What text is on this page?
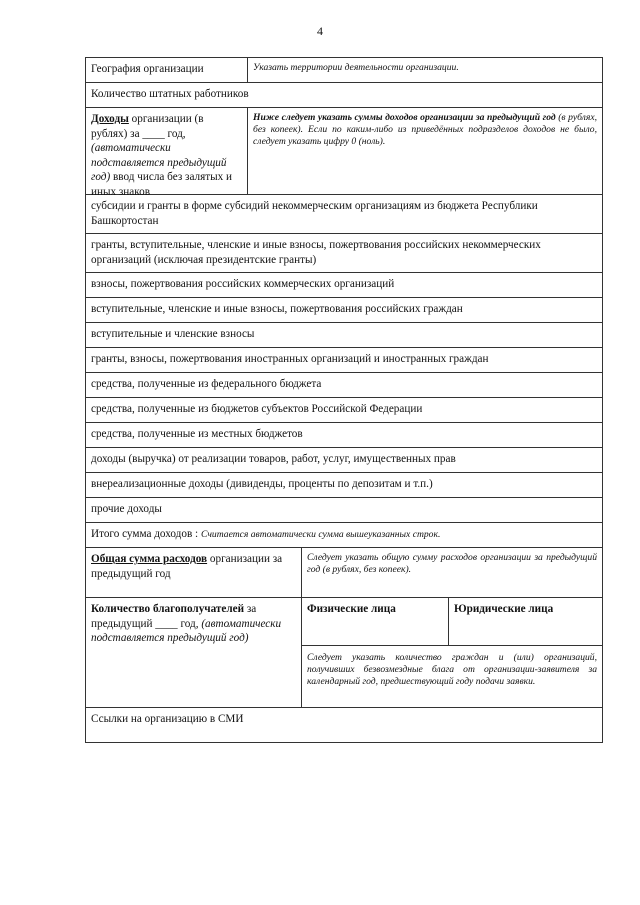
4
География организации	Указать территории деятельности организации.
Количество штатных работников
Доходы организации (в рублях) за ____ год, (автоматически подставляется предыдущий год) ввод числа без залятых и иных знаков
Ниже следует указать суммы доходов организации за предыдущий год (в рублях, без копеек). Если по каким-либо из приведённых подразделов доходов не было, следует указать цифру 0 (ноль).
субсидии и гранты в форме субсидий некоммерческим организациям из бюджета Республики Башкортостан
гранты, вступительные, членские и иные взносы, пожертвования российских некоммерческих организаций (исключая президентские гранты)
взносы, пожертвования российских коммерческих организаций
вступительные, членские и иные взносы, пожертвования российских граждан
вступительные и членские взносы
гранты, взносы, пожертвования иностранных организаций и иностранных граждан
средства, полученные из федерального бюджета
средства, полученные из бюджетов субъектов Российской Федерации
средства, полученные из местных бюджетов
доходы (выручка) от реализации товаров, работ, услуг, имущественных прав
внереализационные доходы (дивиденды, проценты по депозитам и т.п.)
прочие доходы
Итого сумма доходов : Считается автоматически сумма вышеуказанных строк.
Общая сумма расходов организации за предыдущий год
Следует указать общую сумму расходов организации за предыдущий год (в рублях, без копеек).
Количество благополучателей за предыдущий ____ год, (автоматически подставляется предыдущий год)
Физические лица	Юридические лица
Следует указать количество граждан и (или) организаций, получивших безвозмездные блага от организации-заявителя за календарный год, предшествующий году подачи заявки.
Ссылки на организацию в СМИ
